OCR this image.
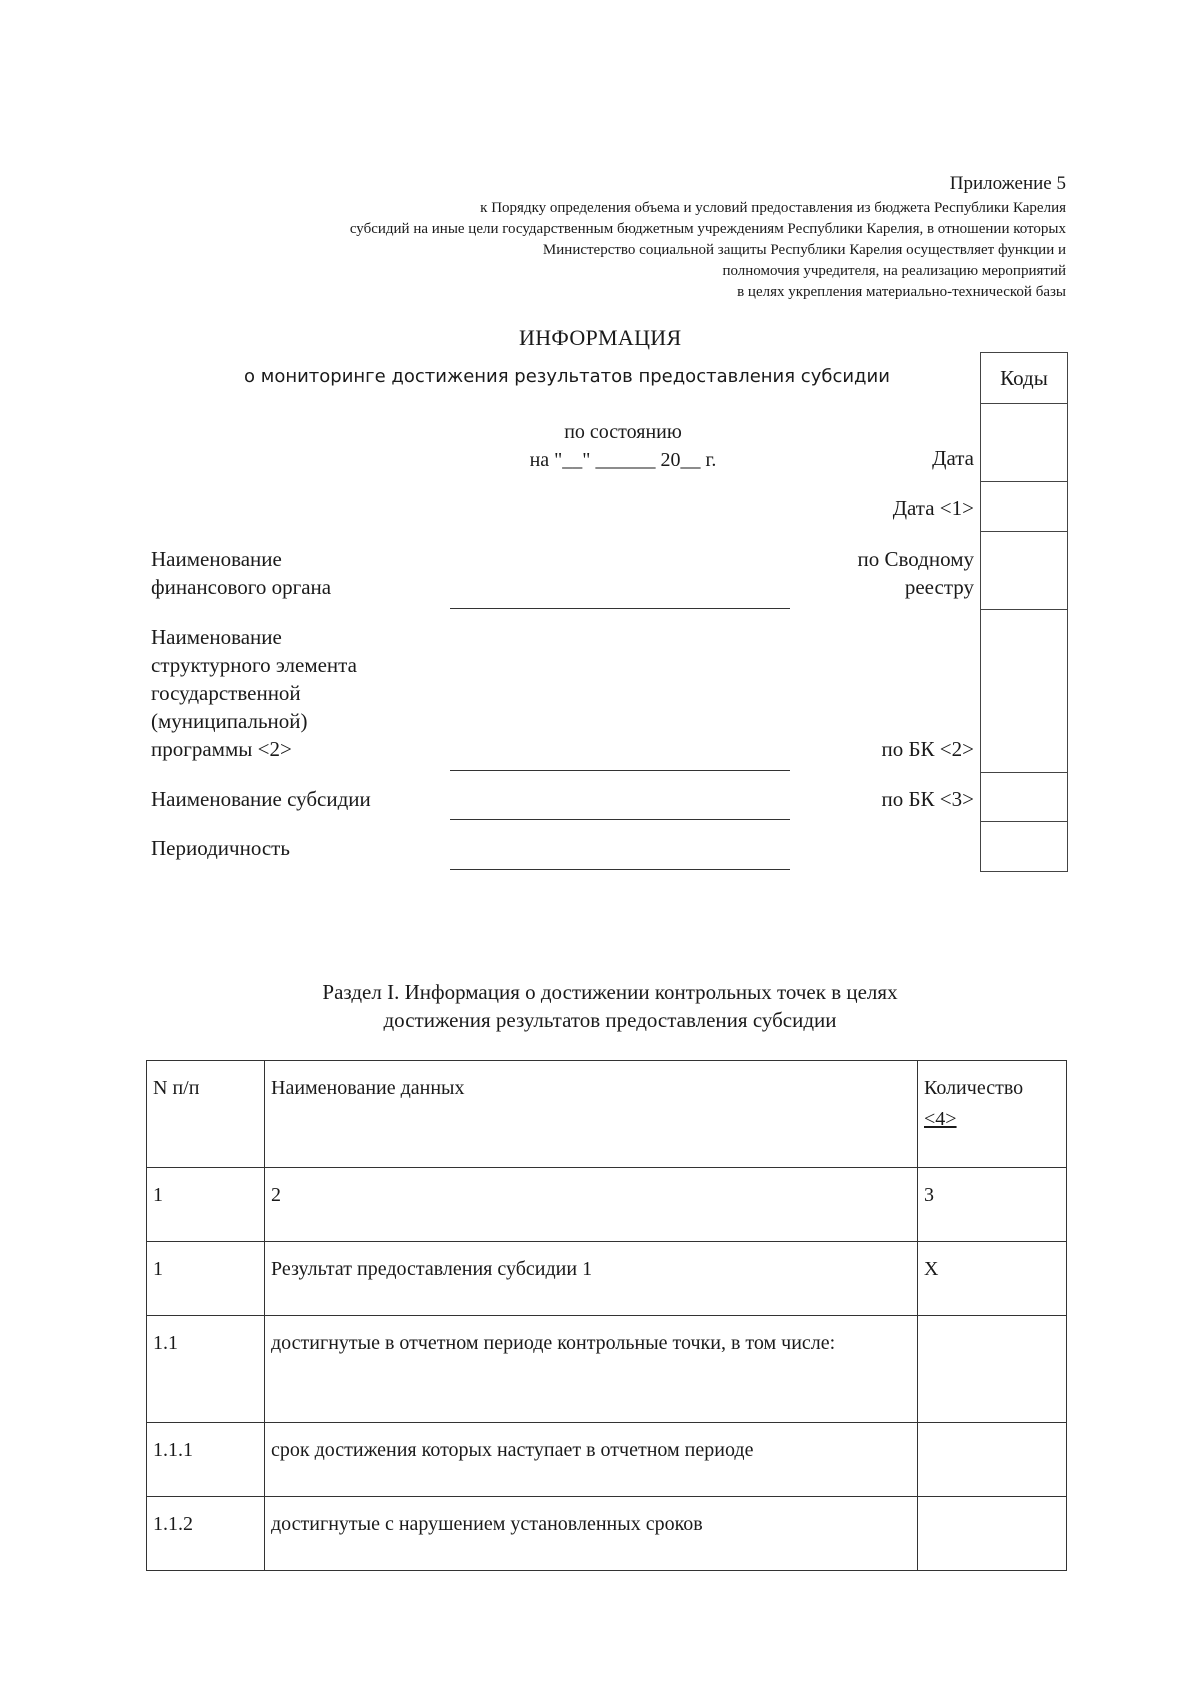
Приложение 5
к Порядку определения объема и условий предоставления из бюджета Республики Карелия
субсидий на иные цели государственным бюджетным учреждениям Республики Карелия, в отношении которых
Министерство социальной защиты Республики Карелия осуществляет функции и
полномочия учредителя, на реализацию мероприятий
в целях укрепления материально-технической базы
ИНФОРМАЦИЯ
о мониторинге достижения результатов предоставления субсидии
по состоянию
на "__" ______ 20__ г.
Коды
Дата
Дата <1>
по Сводному
реестру
по БК <2>
по БК <3>
Наименование
финансового органа
Наименование
структурного элемента
государственной
(муниципальной)
программы <2>
Наименование субсидии
Периодичность
Раздел I. Информация о достижении контрольных точек в целях
достижения результатов предоставления субсидии
N п/п	Наименование данных	Количество
<4>

1	2	3
1	Результат предоставления субсидии 1	X
1.1	достигнутые в отчетном периоде контрольные точки, в том числе:	
1.1.1	срок достижения которых наступает в отчетном периоде	
1.1.2	достигнутые с нарушением установленных сроков	
